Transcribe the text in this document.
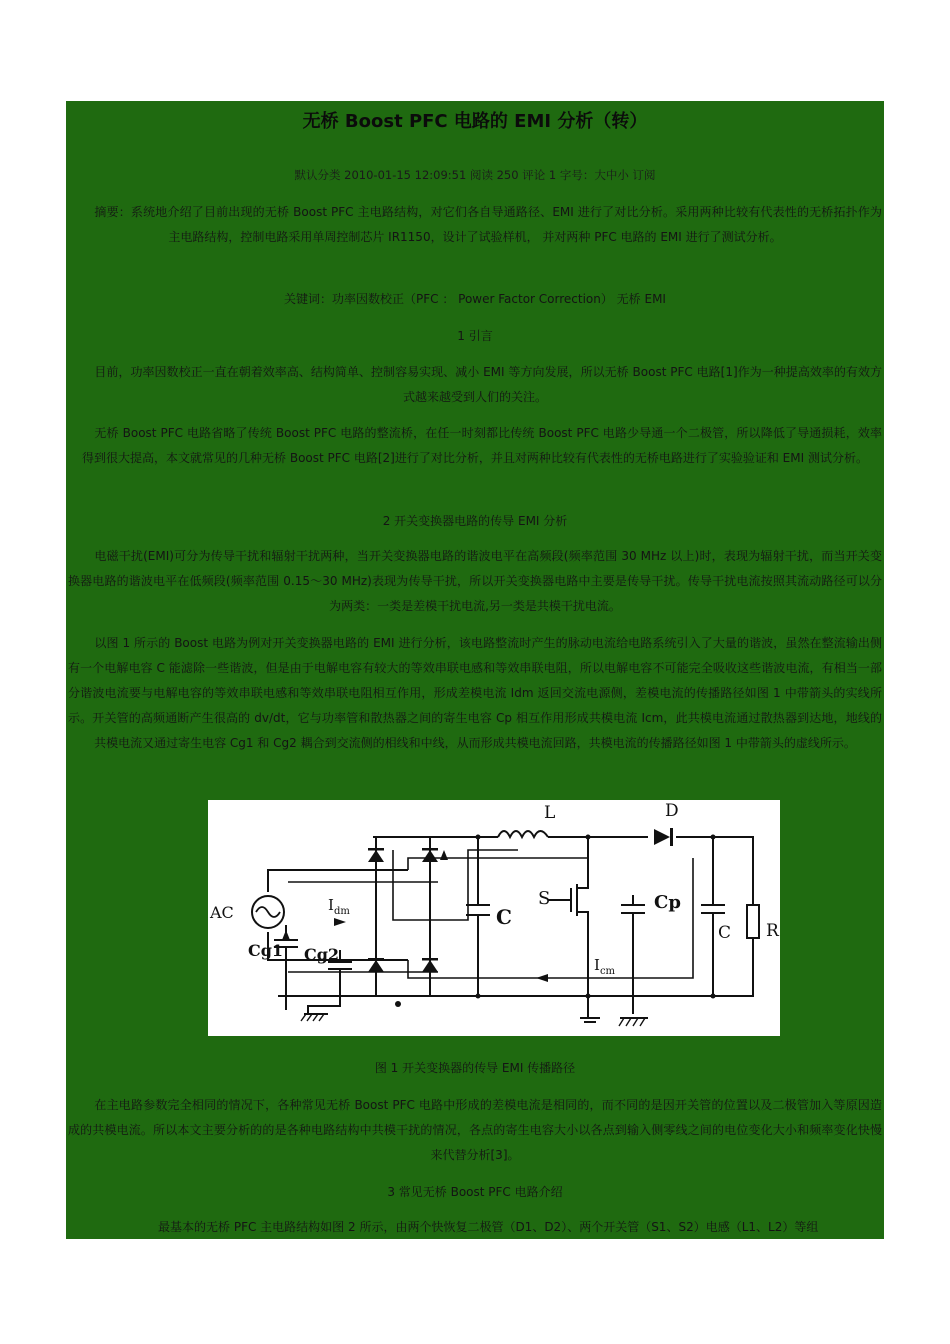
无桥 Boost PFC 电路的 EMI 分析（转）
默认分类 2010-01-15 12:09:51 阅读 250 评论 1 字号：大中小 订阅
摘要：系统地介绍了目前出现的无桥 Boost PFC 主电路结构，对它们各自导通路径、EMI 进行了对比分析。采用两种比较有代表性的无桥拓扑作为主电路结构，控制电路采用单周控制芯片 IR1150，设计了试验样机， 并对两种 PFC 电路的 EMI 进行了测试分析。
关键词：功率因数校正（PFC ： Power Factor Correction） 无桥 EMI
1 引言
目前，功率因数校正一直在朝着效率高、结构简单、控制容易实现、减小 EMI 等方向发展，所以无桥 Boost PFC 电路[1]作为一种提高效率的有效方式越来越受到人们的关注。
无桥 Boost PFC 电路省略了传统 Boost PFC 电路的整流桥，在任一时刻都比传统 Boost PFC 电路少导通一个二极管，所以降低了导通损耗，效率得到很大提高，本文就常见的几种无桥 Boost PFC 电路[2]进行了对比分析，并且对两种比较有代表性的无桥电路进行了实验验证和 EMI 测试分析。
2 开关变换器电路的传导 EMI 分析
电磁干扰(EMI)可分为传导干扰和辐射干扰两种，当开关变换器电路的谐波电平在高频段(频率范围 30 MHz 以上)时，表现为辐射干扰，而当开关变换器电路的谐波电平在低频段(频率范围 0.15～30 MHz)表现为传导干扰，所以开关变换器电路中主要是传导干扰。传导干扰电流按照其流动路径可以分为两类：一类是差模干扰电流,另一类是共模干扰电流。
以图 1 所示的 Boost 电路为例对开关变换器电路的 EMI 进行分析，该电路整流时产生的脉动电流给电路系统引入了大量的谐波，虽然在整流输出侧有一个电解电容 C 能滤除一些谐波，但是由于电解电容有较大的等效串联电感和等效串联电阻，所以电解电容不可能完全吸收这些谐波电流，有相当一部分谐波电流要与电解电容的等效串联电感和等效串联电阻相互作用，形成差模电流 Idm 返回交流电源侧，差模电流的传播路径如图 1 中带箭头的实线所示。开关管的高频通断产生很高的 dv/dt，它与功率管和散热器之间的寄生电容 Cp 相互作用形成共模电流 Icm，此共模电流通过散热器到达地，地线的共模电流又通过寄生电容 Cg1 和 Cg2 耦合到交流侧的相线和中线，从而形成共模电流回路，共模电流的传播路径如图 1 中带箭头的虚线所示。
AC
L	D
C
S	Cp
C R
Cg1 Cg2
$I_{dm}$
$I_{cm}$
图 1 开关变换器的传导 EMI 传播路径
在主电路参数完全相同的情况下，各种常见无桥 Boost PFC 电路中形成的差模电流是相同的，而不同的是因开关管的位置以及二极管加入等原因造成的共模电流。所以本文主要分析的的是各种电路结构中共模干扰的情况，各点的寄生电容大小以各点到输入侧零线之间的电位变化大小和频率变化快慢来代替分析[3]。
3 常见无桥 Boost PFC 电路介绍
最基本的无桥 PFC 主电路结构如图 2 所示，由两个快恢复二极管（D1、D2）、两个开关管（S1、S2）电感（L1、L2）等组
